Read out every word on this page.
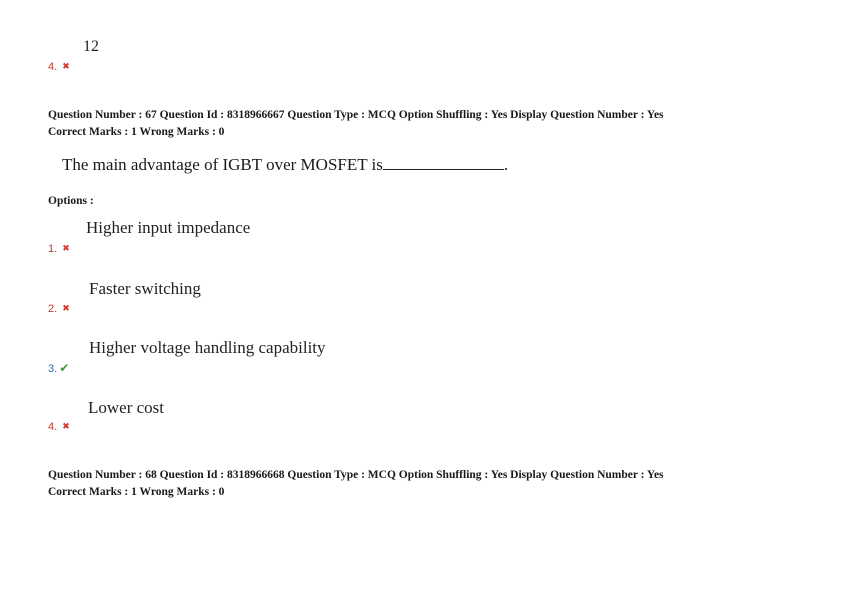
12
4. ✖
Question Number : 67 Question Id : 8318966667 Question Type : MCQ Option Shuffling : Yes Display Question Number : Yes
Correct Marks : 1 Wrong Marks : 0
The main advantage of IGBT over MOSFET is	.
Options :
Higher input impedance
1. ✖
Faster switching
2. ✖
Higher voltage handling capability
3. ✔
Lower cost
4. ✖
Question Number : 68 Question Id : 8318966668 Question Type : MCQ Option Shuffling : Yes Display Question Number : Yes
Correct Marks : 1 Wrong Marks : 0
